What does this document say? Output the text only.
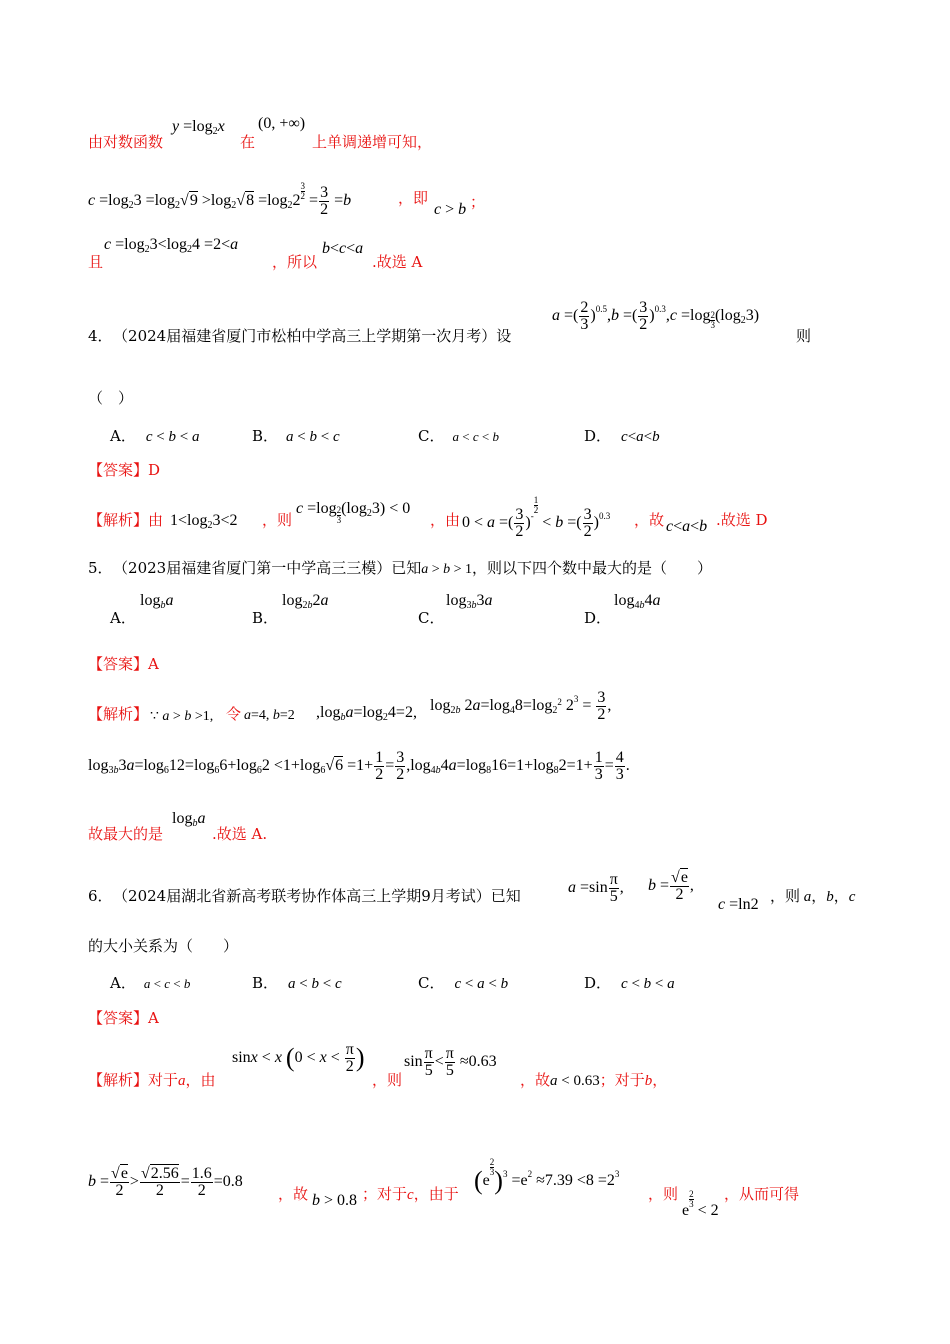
由对数函数
$y =\log_2x$
在
(0, +∞)
上单调递增可知，
$c =\log_23 =\log_2√9 >\log_2√8 =\log_22 \frac{3}{2} = \frac{3}{2} =b$	，即
c > b ；
$c =\log_23<\log_24 =2<a$
且	，所以
b<c<a
.故选 A
4． （2024届福建省厦门市松柏中学高三上学期第一次月考）设
a =( $\frac{2}{3} )^{0.5},b$ =( $\frac{3}{2} )^{0.3},c =\log$ $_{\frac{2}{3}}$ $(\log_23)$
则
（　）
A． c < b < a	B． a < b < c	C． a < c < b	D． c<a<b
【答案】D
【解析】由 $1<\log_23<2$ ，则
$c =\log \frac{2}{3} (\log_23) < 0$
，由 0 < a =( $\frac{3}{2} )^{- \frac{1}{2}}$
< b =( $\frac{3}{2} )^{0.3}$ ，故 c<a<b .故选 D
5． （2023届福建省厦门第一中学高三三模）已知a > b > 1，则以下四个数中最大的是（　　）
A．
$\log_ba$
B．
$\log_{2b}2a$
C．
$\log_{3b}3a$
D．
$\log_{4b}4a$
【答案】A
【解析】 ∵ a > b >1, 令 a=4, b=2 $,\log_ba=\log_24=2$, $\log_{2b} 2a=\log_48=\log_{2^2}$ $2^3 = \frac{3}{2}$ ,
$\log_{3b}3a=\log_612=\log_66+\log_62 <1+\log_6√6 =1+ \frac{1}{2} = \frac{3}{2} ,\log_{4b}4a=\log_816=1+\log_82=1+ \frac{1}{3} = \frac{4}{3}$ .
故最大的是
$\log_ba$
.故选 A.
6． （2024届湖北省新高考联考协作体高三上学期9月考试）已知	$a =\sin \frac{\pi}{5}$ , $b = \frac{√e}{2}$ ,
c =ln2 ，则 a，b，c
的大小关系为（　　）
A． a < c < b	B． a < b < c	C． c < a < b	D． c < b < a
【答案】A
【解析】对于a，由
sinx < x ($0 < x < \frac{\pi}{2}$ )
，则
$\sin \frac{\pi}{5} < \frac{\pi}{5} \approx 0.63$
，故a < 0.63；对于b，
$b = \frac{√e}{2} > \frac{√2.56}{2} = \frac{1.6}{2} =0.8$
，故 b > 0.8 ；对于c，由于 (e
$\frac{2}{3} )^3 =e^2 \approx 7.39 <8 =2^3$
，则
e
$\frac{2}{3}$
< 2
，从而可得
